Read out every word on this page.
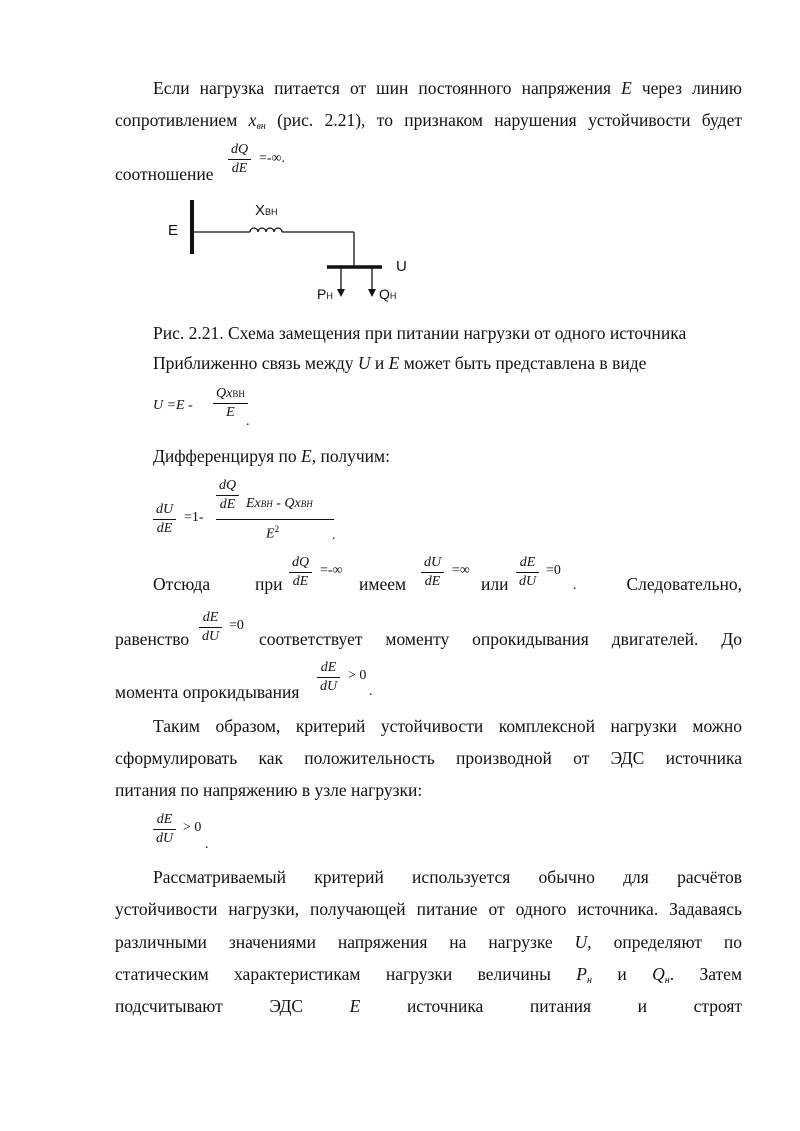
Если нагрузка питается от шин постоянного напряжения E через линию
сопротивлением $x_{вн}$ (рис. 2.21), то признаком нарушения устойчивости будет
соотношение
dQ
dE
=-∞.
E
XВН
U
PН	QН
Рис. 2.21. Схема замещения при питании нагрузки от одного источника
Приближенно связь между U и E может быть представлена в виде
U =E -
QxВН
E
.
Дифференцируя по E, получим:
dU
dE
=1-
dQ
dE ExВН - QxВН
$E^2$	.
Отсюда	при
dQ
dE
=-∞
имеем
dU
dE
=∞
или
dE
dU
=0
.	Следовательно,
равенство
dE
dU
=0
соответствует моменту опрокидывания двигателей. До
момента опрокидывания
dE
dU
> 0
.
Таким образом, критерий устойчивости комплексной нагрузки можно
сформулировать как положительность производной от ЭДС источника
питания по напряжению в узле нагрузки:
dE
dU
> 0
.
Рассматриваемый критерий используется обычно для расчётов
устойчивости нагрузки, получающей питание от одного источника. Задаваясь
различными значениями напряжения на нагрузке U, определяют по
статическим характеристикам нагрузки величины $P_н$ и $Q_н$. Затем
подсчитывают	ЭДС	E	источника	питания	и	строят
